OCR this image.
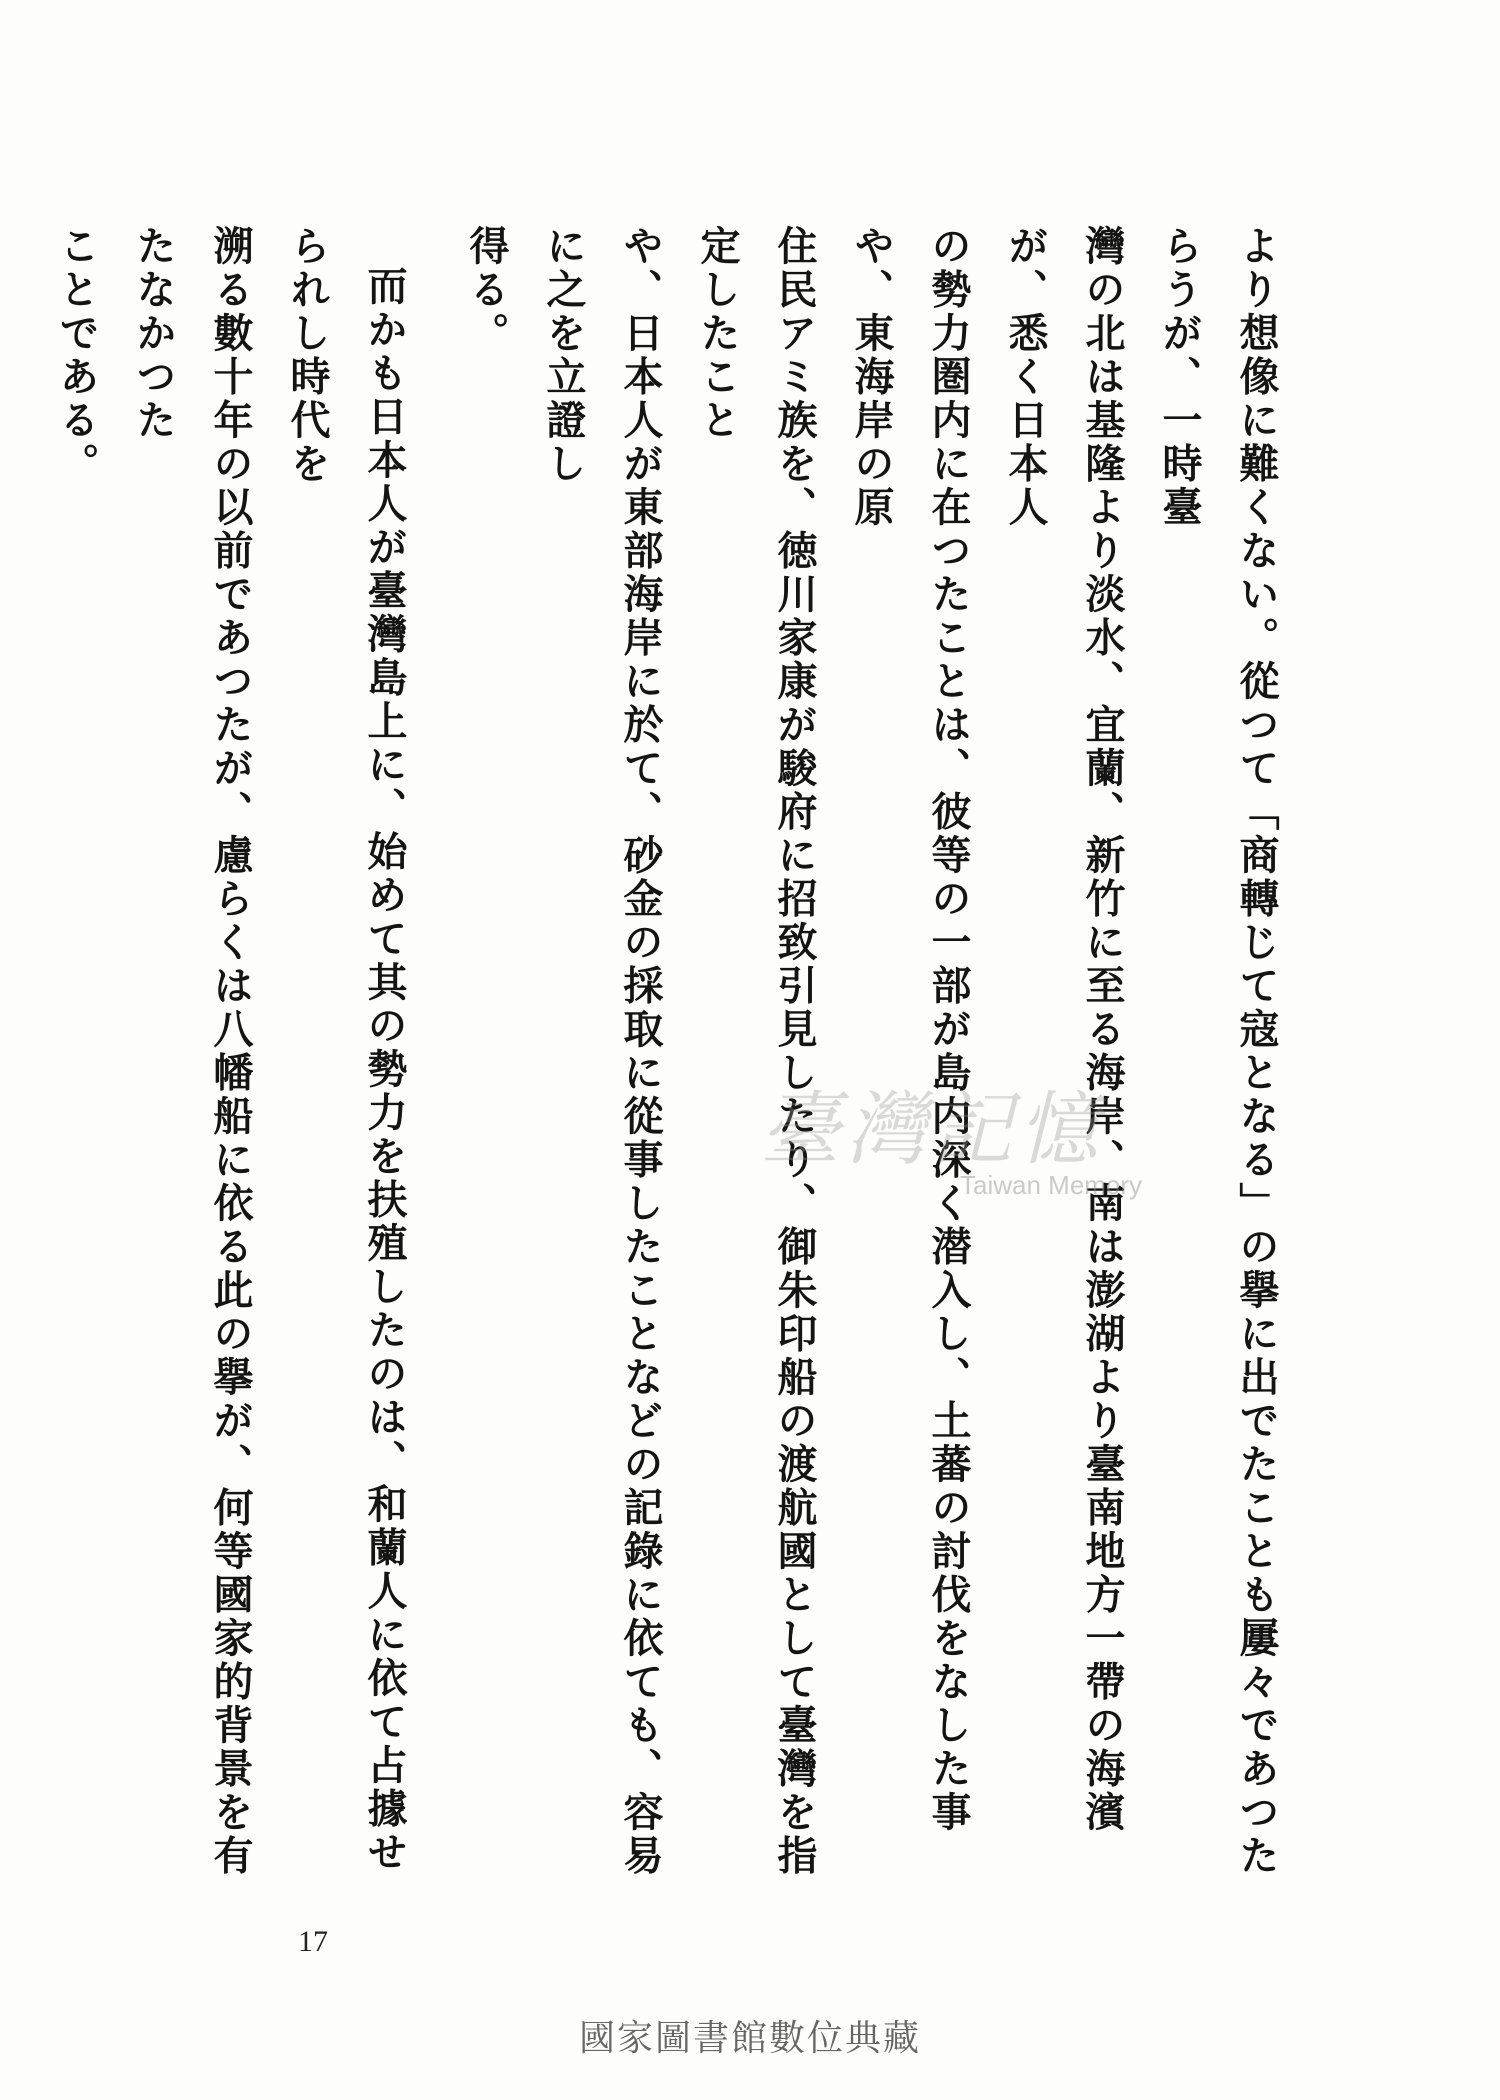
より想像に難くない。從つて「商轉じて寇となる」の擧に出でたことも屢々であつたらうが、一時臺

灣の北は基隆より淡水、宜蘭、新竹に至る海岸、南は澎湖より臺南地方一帶の海濱が、悉く日本人

の勢力圏内に在つたことは、彼等の一部が島内深く潜入し、土蕃の討伐をなした事や、東海岸の原

住民アミ族を、徳川家康が駿府に招致引見したり、御朱印船の渡航國として臺灣を指定したこと

や、日本人が東部海岸に於て、砂金の採取に從事したことなどの記錄に依ても、容易に之を立證し

得る。

而かも日本人が臺灣島上に、始めて其の勢力を扶殖したのは、和蘭人に依て占據せられし時代を

溯る數十年の以前であつたが、慮らくは八幡船に依る此の擧が、何等國家的背景を有たなかつた

ことである。

臺灣記憶
Taiwan Memory
17
國家圖書館數位典藏
